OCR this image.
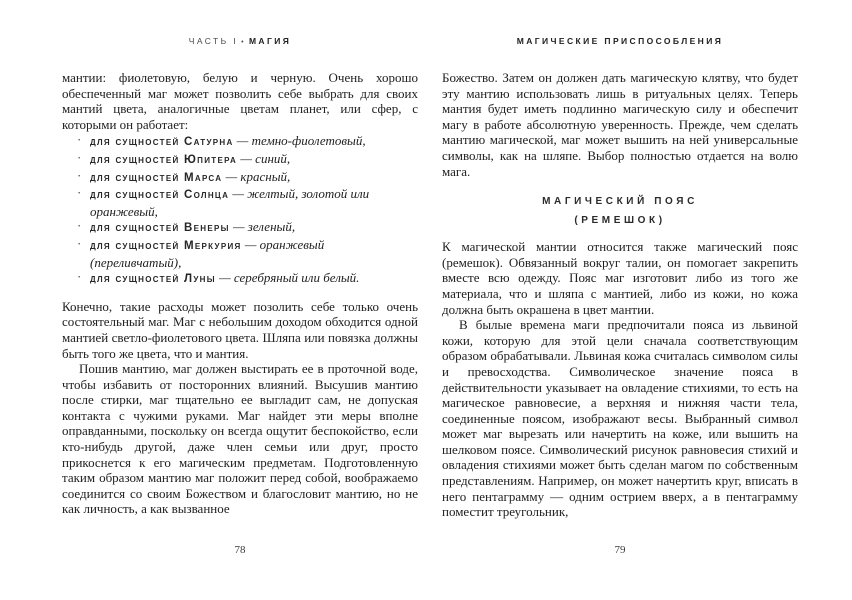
ЧАСТЬ I • МАГИЯ

мантии: фиолетовую, белую и черную. Очень хорошо обеспеченный маг может позволить себе выбрать для своих мантий цвета, аналогичные цветам планет, или сфер, с которыми он работает:

· для сущностей Сатурна — темно-фиолетовый,
· для сущностей Юпитера — синий,
· для сущностей Марса — красный,
· для сущностей Солнца — желтый, золотой или оранжевый,
· для сущностей Венеры — зеленый,
· для сущностей Меркурия — оранжевый (переливчатый),
· для сущностей Луны — серебряный или белый.

Конечно, такие расходы может позолить себе только очень состоятельный маг. Маг с небольшим доходом обходится одной мантией светло-фиолетового цвета. Шляпа или повязка должны быть того же цвета, что и мантия.

Пошив мантию, маг должен выстирать ее в проточной воде, чтобы избавить от посторонних влияний. Высушив мантию после стирки, маг тщательно ее выгладит сам, не допуская контакта с чужими руками. Маг найдет эти меры вполне оправданными, поскольку он всегда ощутит беспокойство, если кто-нибудь другой, даже член семьи или друг, просто прикоснется к его магическим предметам. Подготовленную таким образом мантию маг положит перед собой, воображаемо соединится со своим Божеством и благословит мантию, но не как личность, а как вызванное

78
МАГИЧЕСКИЕ ПРИСПОСОБЛЕНИЯ

Божество. Затем он должен дать магическую клятву, что будет эту мантию использовать лишь в ритуальных целях. Теперь мантия будет иметь подлинно магическую силу и обеспечит магу в работе абсолютную уверенность. Прежде, чем сделать мантию магической, маг может вышить на ней универсальные символы, как на шляпе. Выбор полностью отдается на волю мага.

МАГИЧЕСКИЙ ПОЯС
(РЕМЕШОК)

К магической мантии относится также магический пояс (ремешок). Обвязанный вокруг талии, он помогает закрепить вместе всю одежду. Пояс маг изготовит либо из того же материала, что и шляпа с мантией, либо из кожи, но кожа должна быть окрашена в цвет мантии.

В былые времена маги предпочитали пояса из львиной кожи, которую для этой цели сначала соответствующим образом обрабатывали. Львиная кожа считалась символом силы и превосходства. Символическое значение пояса в действительности указывает на овладение стихиями, то есть на магическое равновесие, а верхняя и нижняя части тела, соединенные поясом, изображают весы. Выбранный символ может маг вырезать или начертить на коже, или вышить на шелковом поясе. Символический рисунок равновесия стихий и овладения стихиями может быть сделан магом по собственным представлениям. Например, он может начертить круг, вписать в него пентаграмму — одним острием вверх, а в пентаграмму поместит треугольник,

79
